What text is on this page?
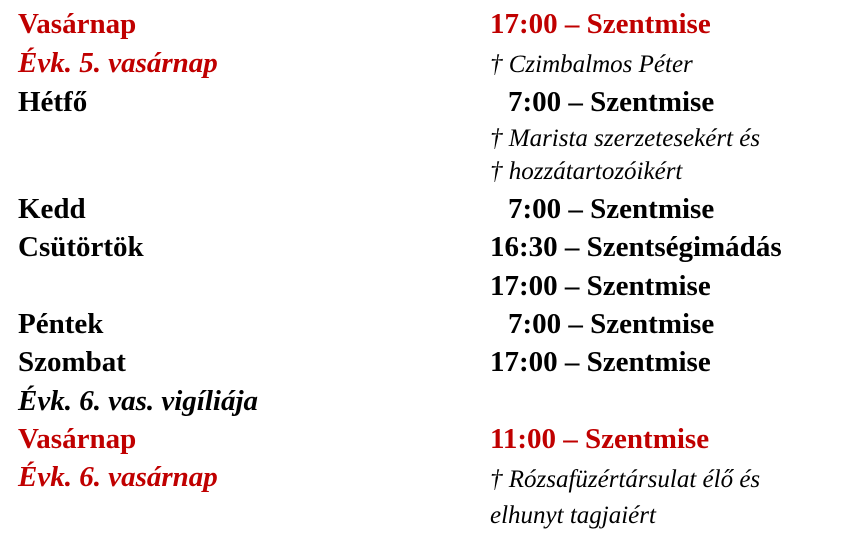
Vasárnap	17:00 – Szentmise
Évk. 5. vasárnap	† Czimbalmos Péter
Hétfő	7:00 – Szentmise
† Marista szerzetesekért és
† hozzátartozóikért
Kedd	7:00 – Szentmise
Csütörtök	16:30 – Szentségimádás
17:00 – Szentmise
Péntek	7:00 – Szentmise
Szombat	17:00 – Szentmise
Évk. 6. vas. vigíliája
Vasárnap	11:00 – Szentmise
Évk. 6. vasárnap	† Rózsafüzértársulat élő és
elhunyt tagjaiért
